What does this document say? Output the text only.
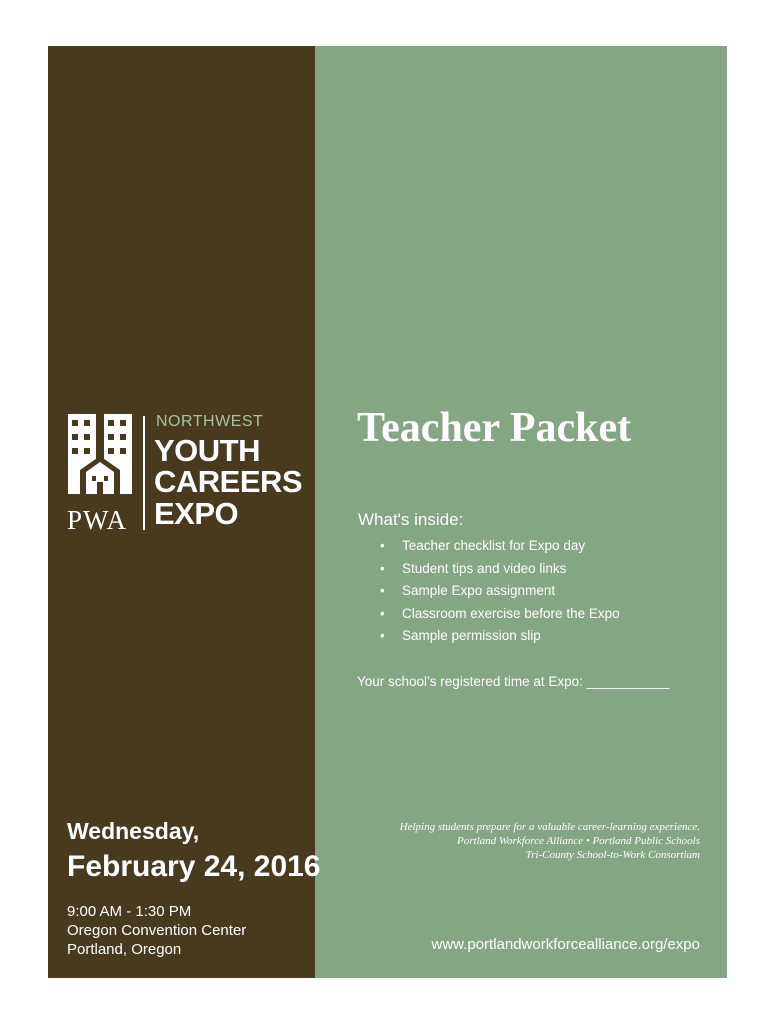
PWA
NORTHWEST
YOUTH
CAREERS
EXPO
Wednesday,
February 24, 2016
9:00 AM - 1:30 PM
Oregon Convention Center
Portland, Oregon
Teacher Packet
What's inside:
• Teacher checklist for Expo day
• Student tips and video links
• Sample Expo assignment
• Classroom exercise before the Expo
• Sample permission slip
Your school’s registered time at Expo: ___________
Helping students prepare for a valuable career-learning experience.
Portland Workforce Alliance • Portland Public Schools
Tri-County School-to-Work Consortium
www.portlandworkforcealliance.org/expo
